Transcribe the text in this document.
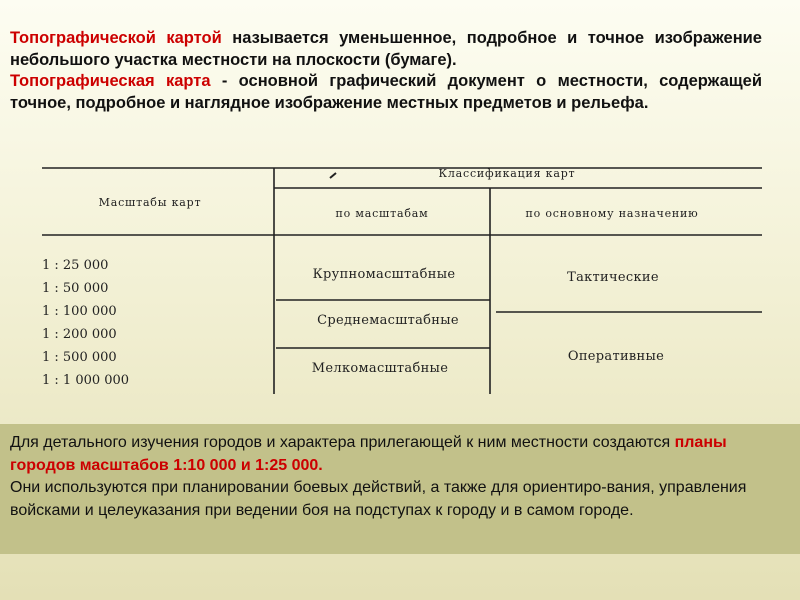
Топографической картой называется уменьшенное, подробное и точное изображение небольшого участка местности на плоскости (бумаге).

Топографическая карта - основной графический документ о местности, содержащей точное, подробное и наглядное изображение местных предметов и рельефа.

Масштабы карт
Классификация карт
по масштабам	по основному назначению
1 : 25 000
1 : 50 000
1 : 100 000
1 : 200 000
1 : 500 000
1 : 1 000 000
Крупномасштабные
Среднемасштабные
Мелкомасштабные
Тактические
Оперативные

Для детального изучения городов и характера прилегающей к ним местности создаются планы городов масштабов 1:10 000 и 1:25 000.

Они используются при планировании боевых действий, а также для ориентиро-вания, управления войсками и целеуказания при ведении боя на подступах к городу и в самом городе.
